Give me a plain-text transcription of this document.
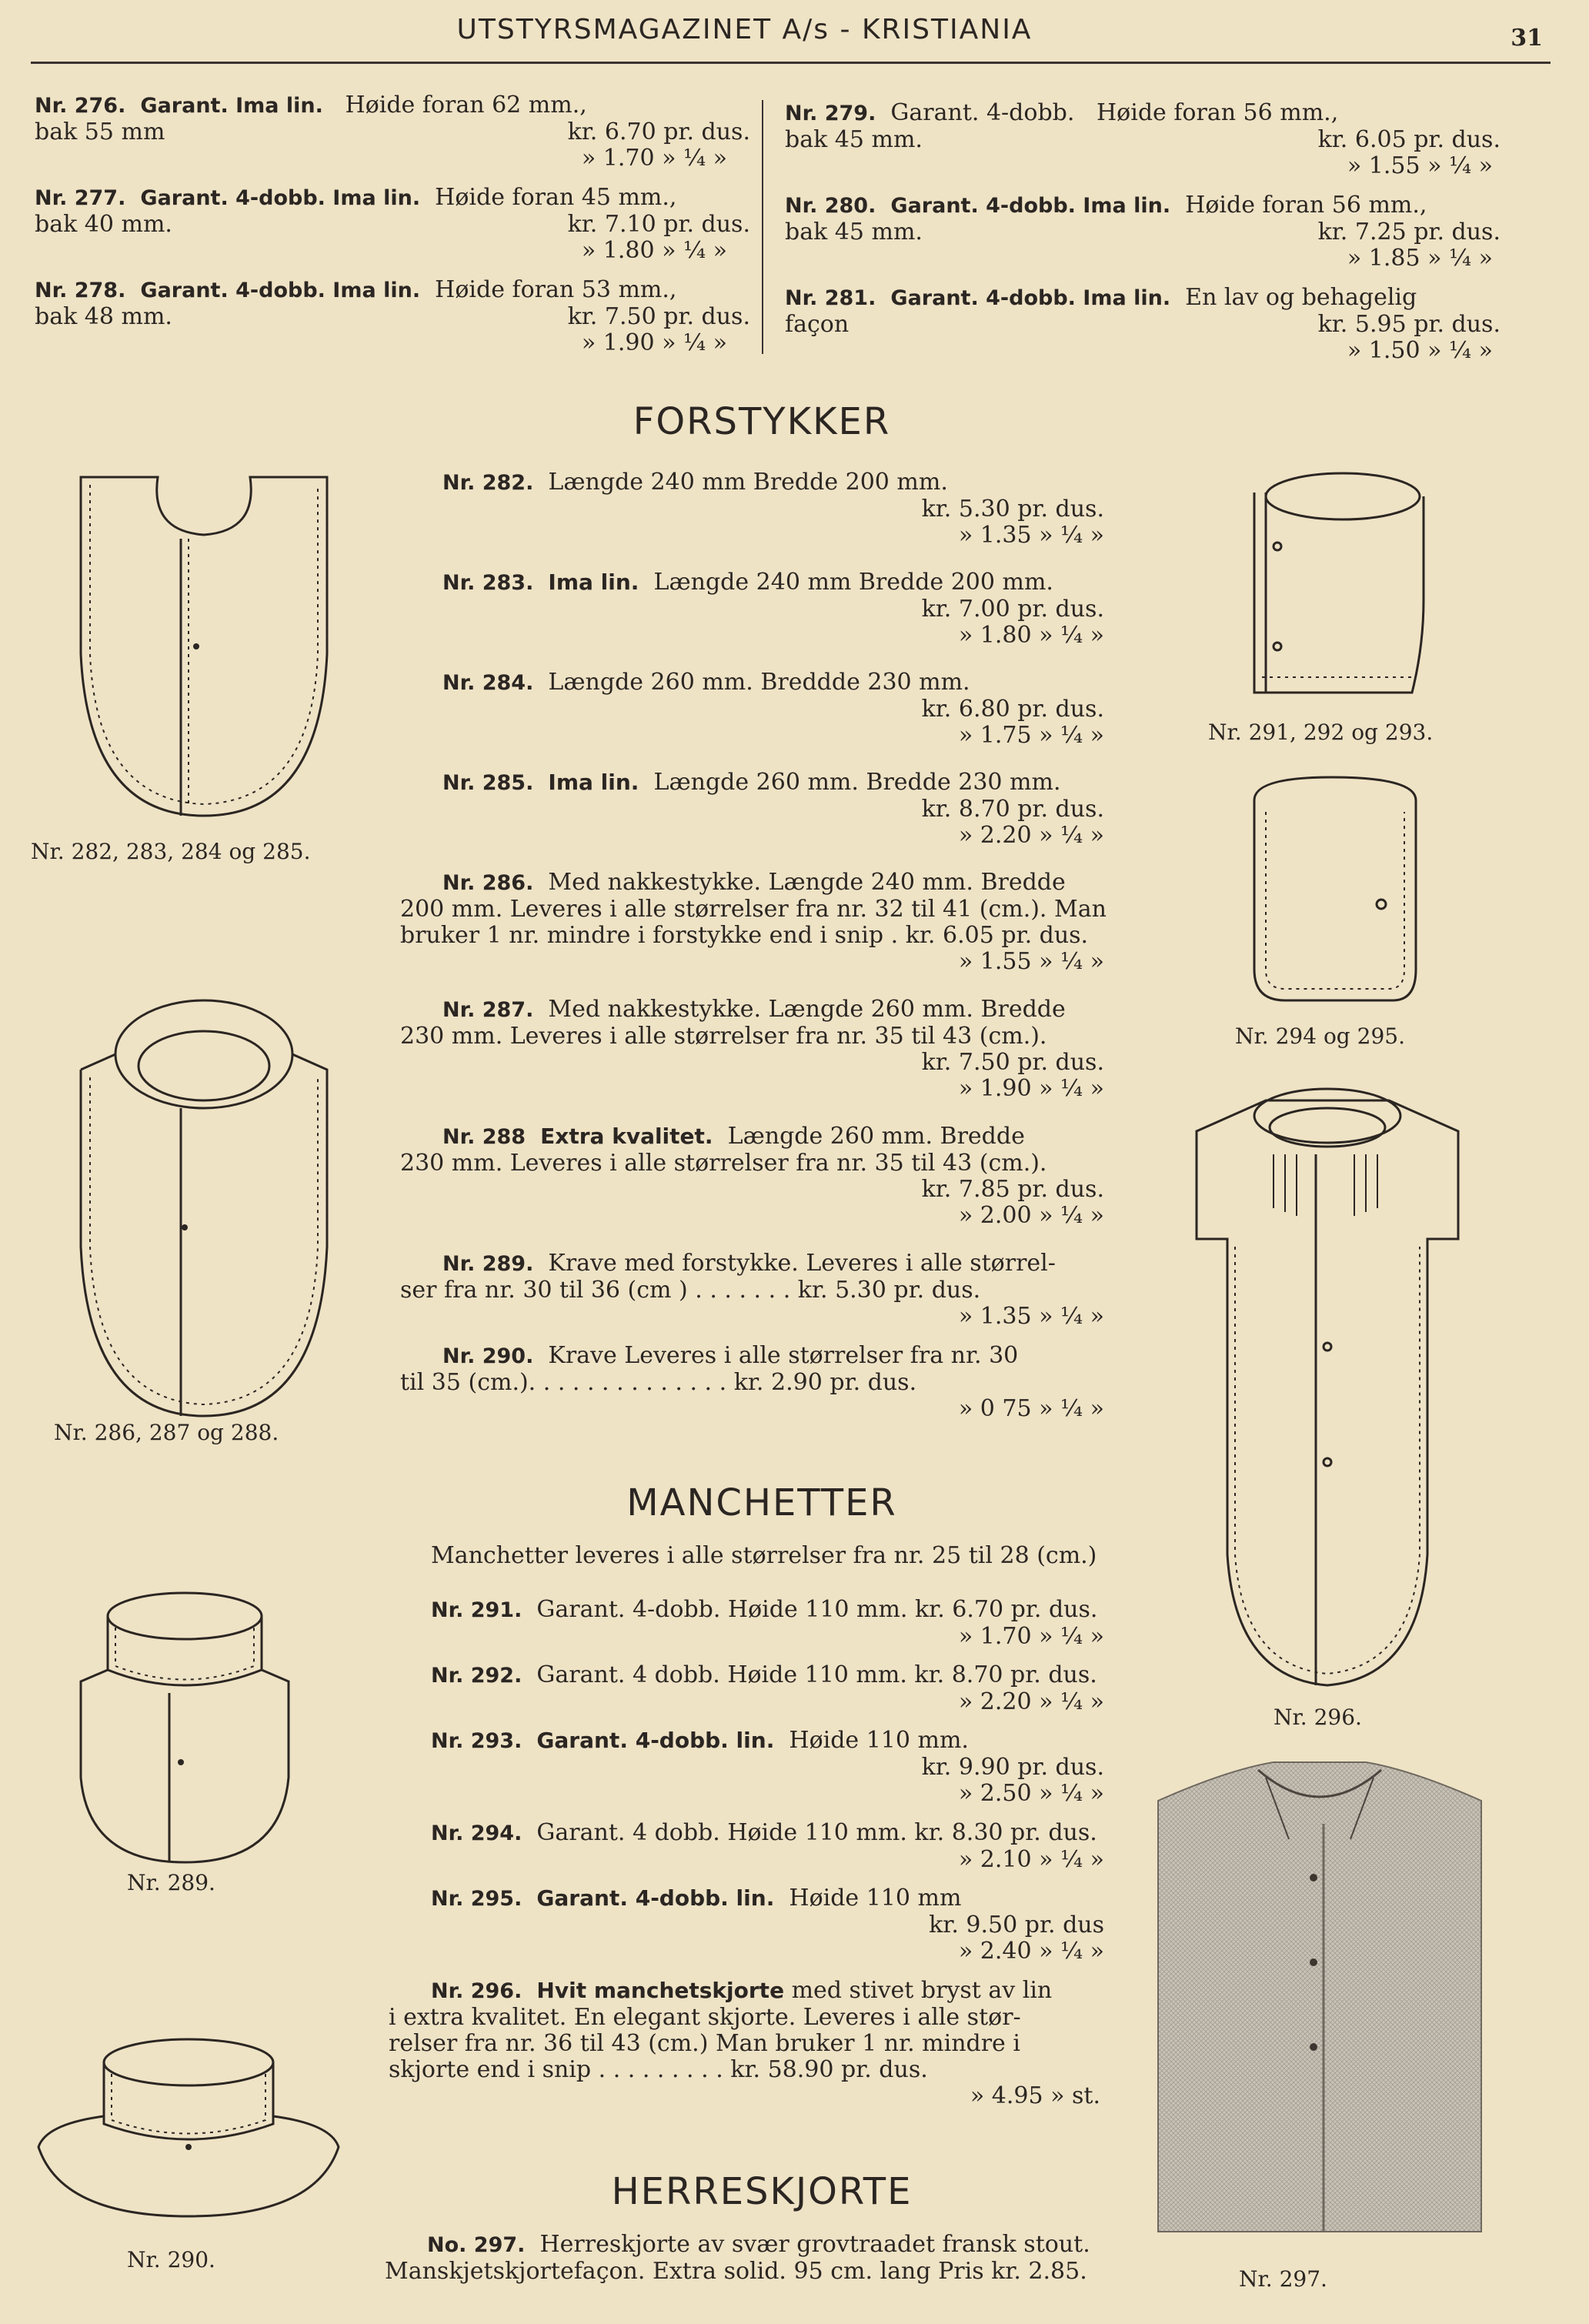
UTSTYRSMAGAZINET A/s - KRISTIANIA	31
Nr. 276. Garant. Ima lin. Høide foran 62 mm.,
bak 55 mm	kr. 6.70 pr. dus.
» 1.70 » ¼ »
Nr. 277. Garant. 4-dobb. Ima lin. Høide foran 45 mm.,
bak 40 mm.	kr. 7.10 pr. dus.
» 1.80 » ¼ »
Nr. 278. Garant. 4-dobb. Ima lin. Høide foran 53 mm.,
bak 48 mm.	kr. 7.50 pr. dus.
» 1.90 » ¼ »
Nr. 279. Garant. 4-dobb. Høide foran 56 mm.,
bak 45 mm.	kr. 6.05 pr. dus.
» 1.55 » ¼ »
Nr. 280. Garant. 4-dobb. Ima lin. Høide foran 56 mm.,
bak 45 mm.	kr. 7.25 pr. dus.
» 1.85 » ¼ »
Nr. 281. Garant. 4-dobb. Ima lin. En lav og behagelig
façon	kr. 5.95 pr. dus.
» 1.50 » ¼ »
FORSTYKKER
Nr. 282. Længde 240 mm Bredde 200 mm.
kr. 5.30 pr. dus.
» 1.35 » ¼ »
Nr. 283. Ima lin. Længde 240 mm Bredde 200 mm.
kr. 7.00 pr. dus.
» 1.80 » ¼ »
Nr. 284. Længde 260 mm. Breddde 230 mm.
kr. 6.80 pr. dus.
» 1.75 » ¼ »
Nr. 285. Ima lin. Længde 260 mm. Bredde 230 mm.
kr. 8.70 pr. dus.
» 2.20 » ¼ »
Nr. 286. Med nakkestykke. Længde 240 mm. Bredde
200 mm. Leveres i alle størrelser fra nr. 32 til 41 (cm.). Man
bruker 1 nr. mindre i forstykke end i snip . kr. 6.05 pr. dus.
» 1.55 » ¼ »
Nr. 287. Med nakkestykke. Længde 260 mm. Bredde
230 mm. Leveres i alle størrelser fra nr. 35 til 43 (cm.).
kr. 7.50 pr. dus.
» 1.90 » ¼ »
Nr. 288 Extra kvalitet. Længde 260 mm. Bredde
230 mm. Leveres i alle størrelser fra nr. 35 til 43 (cm.).
kr. 7.85 pr. dus.
» 2.00 » ¼ »
Nr. 289. Krave med forstykke. Leveres i alle størrel-
ser fra nr. 30 til 36 (cm ) . . . . . . . kr. 5.30 pr. dus.
» 1.35 » ¼ »
Nr. 290. Krave Leveres i alle størrelser fra nr. 30
til 35 (cm.). . . . . . . . . . . . . . kr. 2.90 pr. dus.
» 0 75 » ¼ »
MANCHETTER
Manchetter leveres i alle størrelser fra nr. 25 til 28 (cm.)
Nr. 291. Garant. 4-dobb. Høide 110 mm. kr. 6.70 pr. dus.
» 1.70 » ¼ »
Nr. 292. Garant. 4 dobb. Høide 110 mm. kr. 8.70 pr. dus.
» 2.20 » ¼ »
Nr. 293. Garant. 4-dobb. lin. Høide 110 mm.
kr. 9.90 pr. dus.
» 2.50 » ¼ »
Nr. 294. Garant. 4 dobb. Høide 110 mm. kr. 8.30 pr. dus.
» 2.10 » ¼ »
Nr. 295. Garant. 4-dobb. lin. Høide 110 mm
kr. 9.50 pr. dus
» 2.40 » ¼ »
Nr. 296. Hvit manchetskjorte med stivet bryst av lin
i extra kvalitet. En elegant skjorte. Leveres i alle stør-
relser fra nr. 36 til 43 (cm.) Man bruker 1 nr. mindre i
skjorte end i snip . . . . . . . . . kr. 58.90 pr. dus.
» 4.95 » st.
HERRESKJORTE
No. 297. Herreskjorte av svær grovtraadet fransk stout.
Manskjetskjortefaçon. Extra solid. 95 cm. lang Pris kr. 2.85.
Nr. 282, 283, 284 og 285.
Nr. 286, 287 og 288.
Nr. 289.
Nr. 290.
Nr. 291, 292 og 293.
Nr. 294 og 295.
Nr. 296.
Nr. 297.
